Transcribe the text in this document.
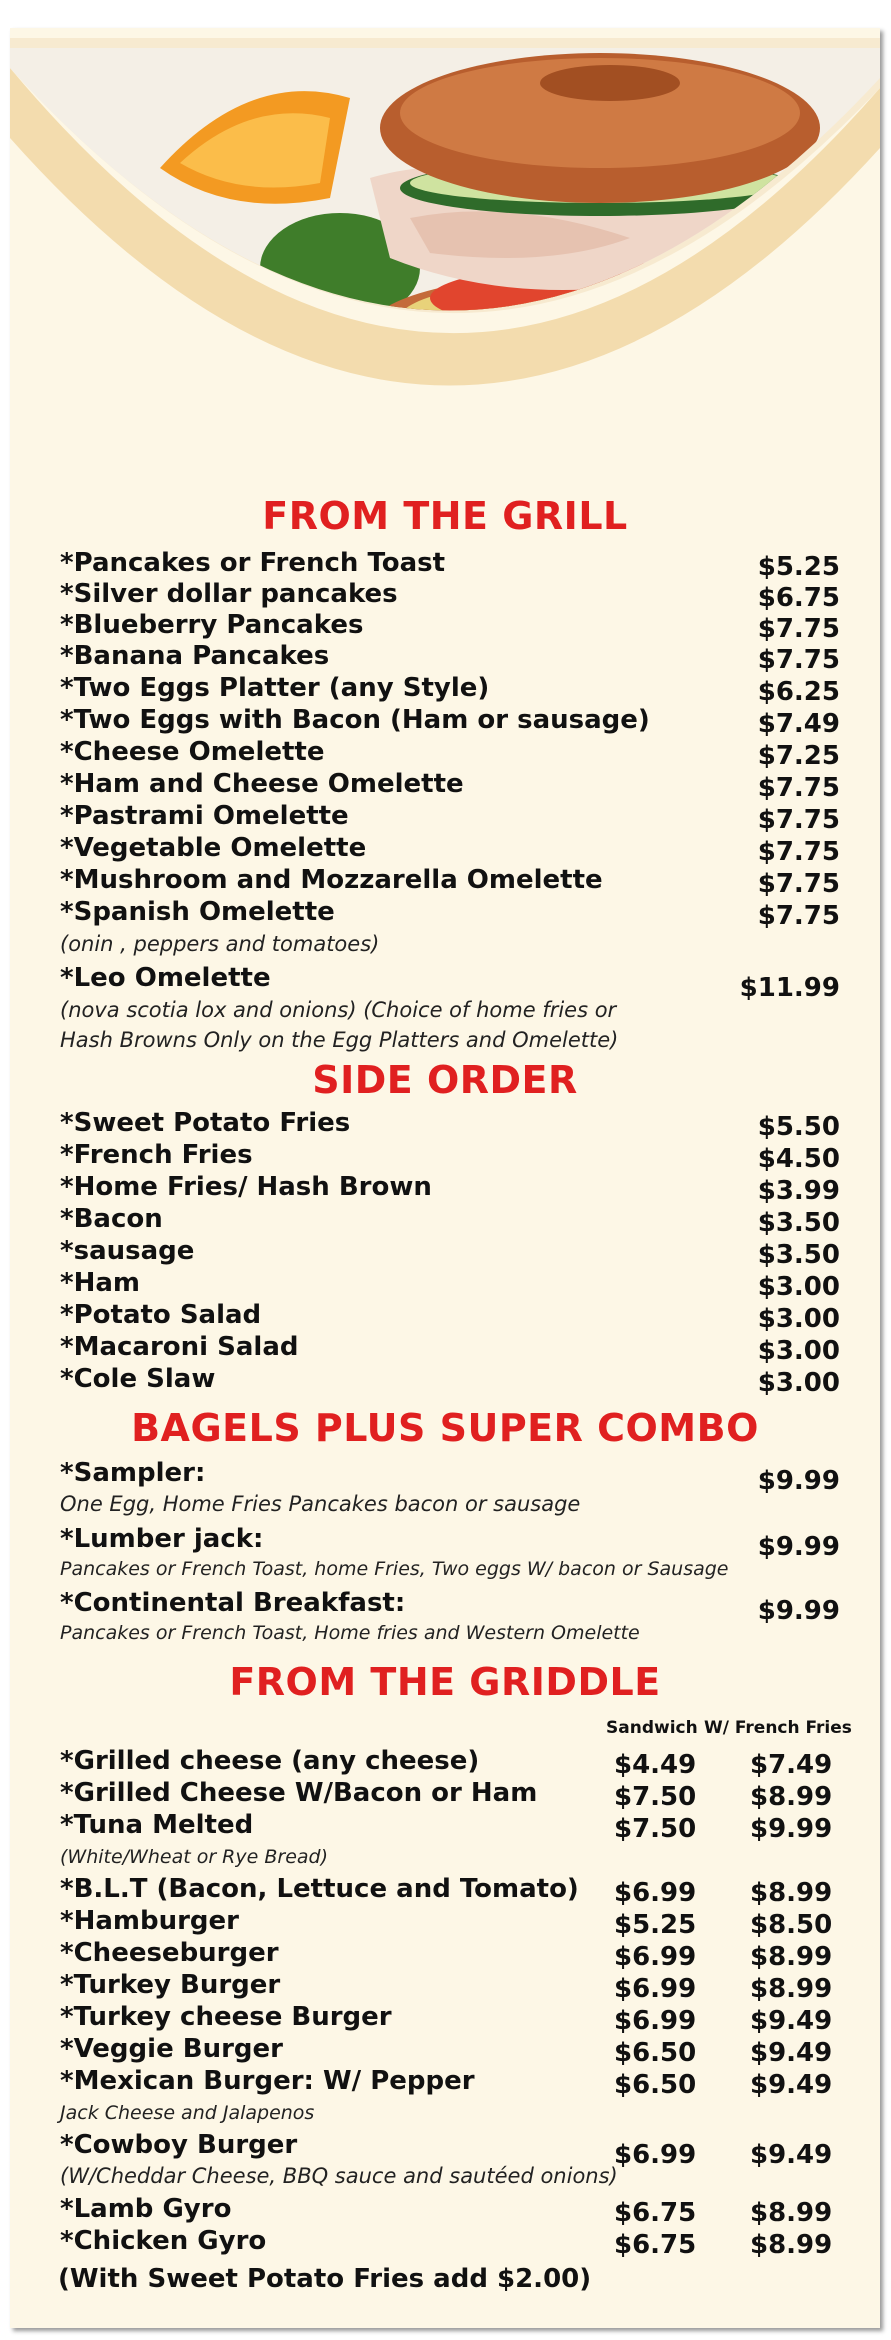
FROM THE GRILL
*Pancakes or French Toast	$5.25
*Silver dollar pancakes	$6.75
*Blueberry Pancakes	$7.75
*Banana Pancakes	$7.75
*Two Eggs Platter (any Style)	$6.25
*Two Eggs with Bacon (Ham or sausage)	$7.49
*Cheese Omelette	$7.25
*Ham and Cheese Omelette	$7.75
*Pastrami Omelette	$7.75
*Vegetable Omelette	$7.75
*Mushroom and Mozzarella Omelette	$7.75
*Spanish Omelette	$7.75
(onin , peppers and tomatoes)
*Leo Omelette	$11.99
(nova scotia lox and onions) (Choice of home fries or
Hash Browns Only on the Egg Platters and Omelette)
SIDE ORDER
*Sweet Potato Fries	$5.50
*French Fries	$4.50
*Home Fries/ Hash Brown	$3.99
*Bacon	$3.50
*sausage	$3.50
*Ham	$3.00
*Potato Salad	$3.00
*Macaroni Salad	$3.00
*Cole Slaw	$3.00
BAGELS PLUS SUPER COMBO
*Sampler:	$9.99
One Egg, Home Fries Pancakes bacon or sausage
*Lumber jack:	$9.99
Pancakes or French Toast, home Fries, Two eggs W/ bacon or Sausage
*Continental Breakfast:	$9.99
Pancakes or French Toast, Home fries and Western Omelette
FROM THE GRIDDLE
Sandwich W/ French Fries
*Grilled cheese (any cheese)	$4.49	$7.49
*Grilled Cheese W/Bacon or Ham	$7.50	$8.99
*Tuna Melted	$7.50	$9.99
(White/Wheat or Rye Bread)
*B.L.T (Bacon, Lettuce and Tomato) $6.99	$8.99
*Hamburger	$5.25	$8.50
*Cheeseburger	$6.99	$8.99
*Turkey Burger	$6.99	$8.99
*Turkey cheese Burger	$6.99	$9.49
*Veggie Burger	$6.50	$9.49
*Mexican Burger: W/ Pepper	$6.50	$9.49
Jack Cheese and Jalapenos
*Cowboy Burger	$6.99	$9.49
(W/Cheddar Cheese, BBQ sauce and sautéed onions)
*Lamb Gyro	$6.75	$8.99
*Chicken Gyro	$6.75	$8.99
(With Sweet Potato Fries add $2.00)
